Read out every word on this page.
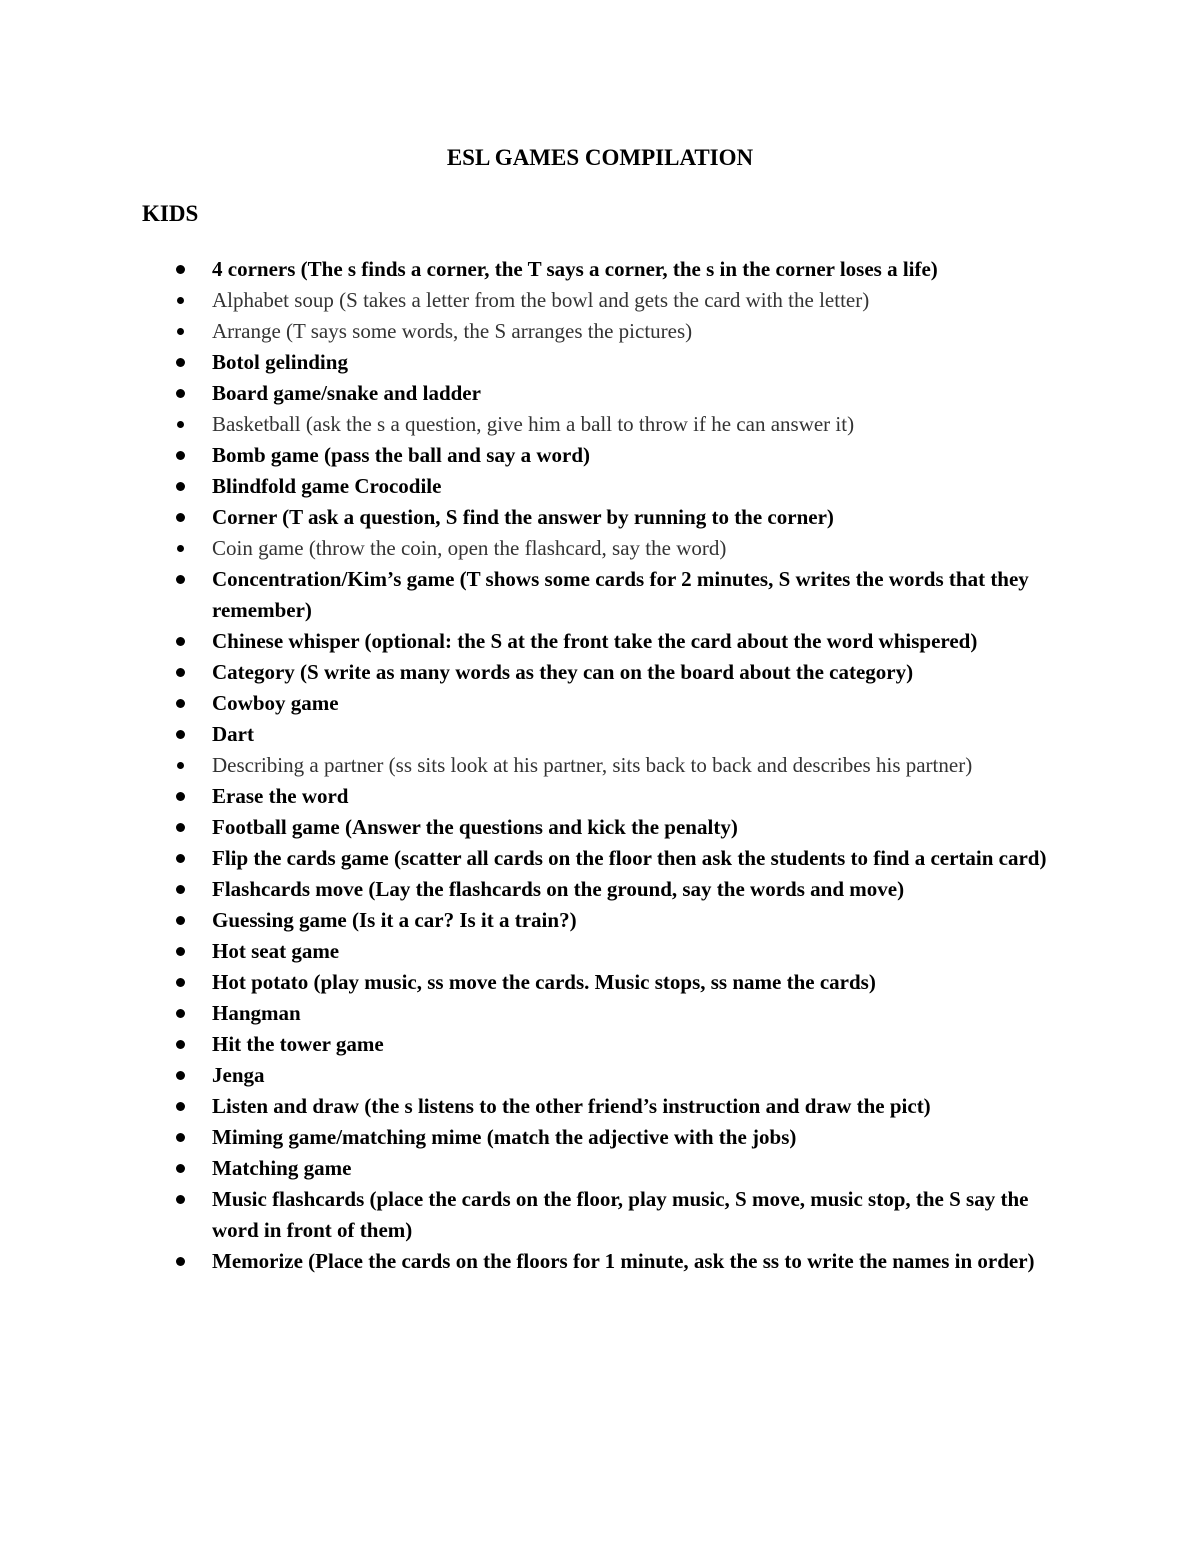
ESL GAMES COMPILATION
KIDS
4 corners (The s finds a corner, the T says a corner, the s in the corner loses a life)
Alphabet soup (S takes a letter from the bowl and gets the card with the letter)
Arrange (T says some words, the S arranges the pictures)
Botol gelinding
Board game/snake and ladder
Basketball (ask the s a question, give him a ball to throw if he can answer it)
Bomb game (pass the ball and say a word)
Blindfold game Crocodile
Corner (T ask a question, S find the answer by running to the corner)
Coin game (throw the coin, open the flashcard, say the word)
Concentration/Kim’s game (T shows some cards for 2 minutes, S writes the words that they remember)
Chinese whisper (optional: the S at the front take the card about the word whispered)
Category (S write as many words as they can on the board about the category)
Cowboy game
Dart
Describing a partner (ss sits look at his partner, sits back to back and describes his partner)
Erase the word
Football game (Answer the questions and kick the penalty)
Flip the cards game (scatter all cards on the floor then ask the students to find a certain card)
Flashcards move (Lay the flashcards on the ground, say the words and move)
Guessing game (Is it a car? Is it a train?)
Hot seat game
Hot potato (play music, ss move the cards. Music stops, ss name the cards)
Hangman
Hit the tower game
Jenga
Listen and draw (the s listens to the other friend’s instruction and draw the pict)
Miming game/matching mime (match the adjective with the jobs)
Matching game
Music flashcards (place the cards on the floor, play music, S move, music stop, the S say the word in front of them)
Memorize (Place the cards on the floors for 1 minute, ask the ss to write the names in order)
